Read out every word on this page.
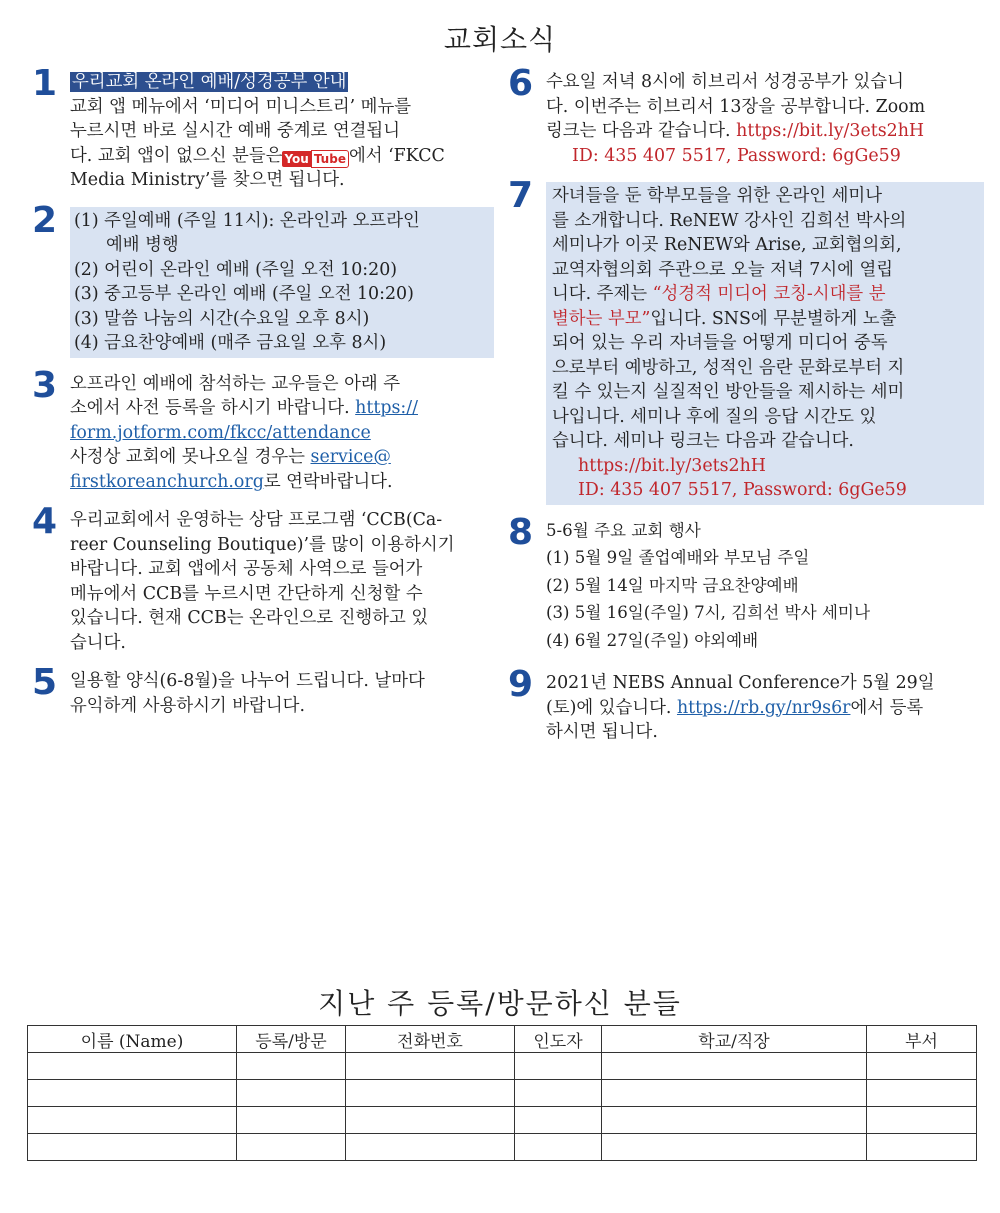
교회소식
1 우리교회 온라인 예배/성경공부 안내
교회 앱 메뉴에서 ‘미디어 미니스트리’ 메뉴를
누르시면 바로 실시간 예배 중계로 연결됩니
다. 교회 앱이 없으신 분들은 You Tube 에서 ‘FKCC
Media Ministry’를 찾으면 됩니다.
2 (1) 주일예배 (주일 11시): 온라인과 오프라인
예배 병행
(2) 어린이 온라인 예배 (주일 오전 10:20)
(3) 중고등부 온라인 예배 (주일 오전 10:20)
(3) 말씀 나눔의 시간(수요일 오후 8시)
(4) 금요찬양예배 (매주 금요일 오후 8시)
3 오프라인 예배에 참석하는 교우들은 아래 주
소에서 사전 등록을 하시기 바랍니다. https://
form.jotform.com/fkcc/attendance
사정상 교회에 못나오실 경우는 service@
firstkoreanchurch.org로 연락바랍니다.
4 우리교회에서 운영하는 상담 프로그램 ‘CCB(Ca-
reer Counseling Boutique)’를 많이 이용하시기
바랍니다. 교회 앱에서 공동체 사역으로 들어가
메뉴에서 CCB를 누르시면 간단하게 신청할 수
있습니다. 현재 CCB는 온라인으로 진행하고 있
습니다.
5 일용할 양식(6-8월)을 나누어 드립니다. 날마다
유익하게 사용하시기 바랍니다.
6 수요일 저녁 8시에 히브리서 성경공부가 있습니
다. 이번주는 히브리서 13장을 공부합니다. Zoom
링크는 다음과 같습니다. https://bit.ly/3ets2hH
ID: 435 407 5517, Password: 6gGe59
7 자녀들을 둔 학부모들을 위한 온라인 세미나
를 소개합니다. ReNEW 강사인 김희선 박사의
세미나가 이곳 ReNEW와 Arise, 교회협의회,
교역자협의회 주관으로 오늘 저녁 7시에 열립
니다. 주제는 “성경적 미디어 코칭-시대를 분
별하는 부모”입니다. SNS에 무분별하게 노출
되어 있는 우리 자녀들을 어떻게 미디어 중독
으로부터 예방하고, 성적인 음란 문화로부터 지
킬 수 있는지 실질적인 방안들을 제시하는 세미
나입니다. 세미나 후에 질의 응답 시간도 있
습니다. 세미나 링크는 다음과 같습니다.
https://bit.ly/3ets2hH
ID: 435 407 5517, Password: 6gGe59
8 5-6월 주요 교회 행사
(1) 5월 9일 졸업예배와 부모님 주일
(2) 5월 14일 마지막 금요찬양예배
(3) 5월 16일(주일) 7시, 김희선 박사 세미나
(4) 6월 27일(주일) 야외예배
9 2021년 NEBS Annual Conference가 5월 29일
(토)에 있습니다. https://rb.gy/nr9s6r에서 등록
하시면 됩니다.
지난 주 등록/방문하신 분들
이름 (Name)	등록/방문	전화번호	인도자	학교/직장	부서
